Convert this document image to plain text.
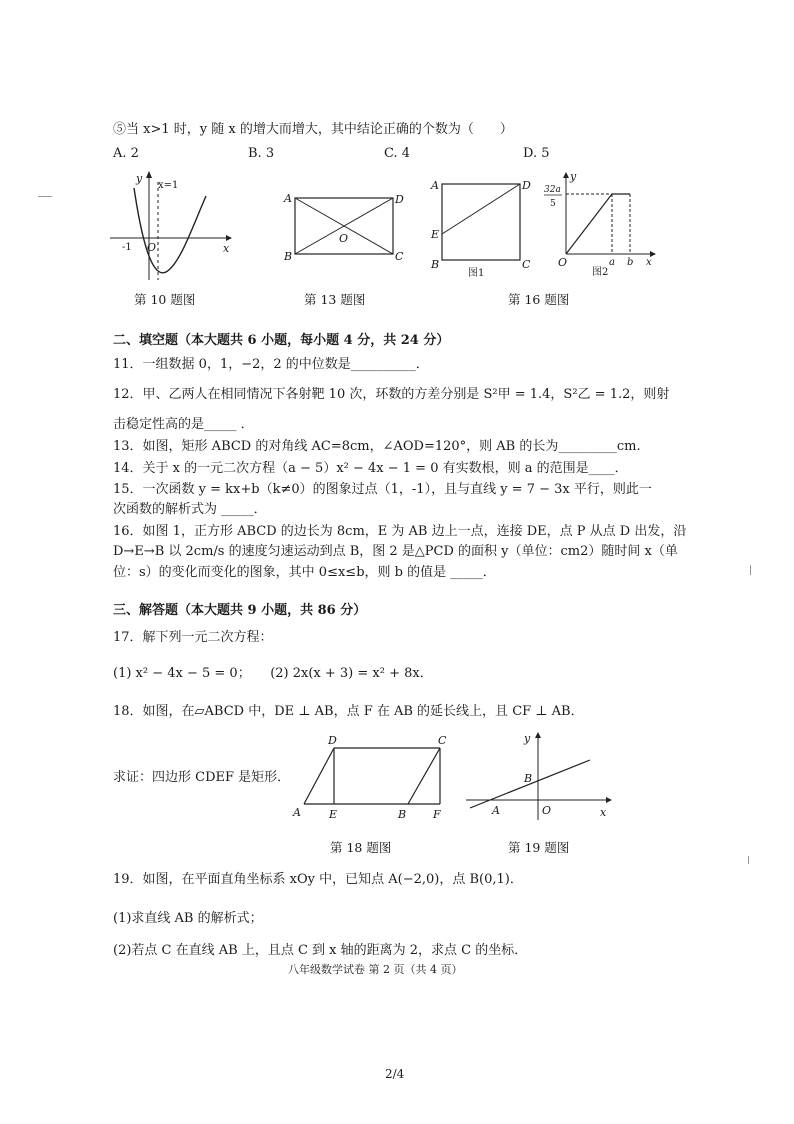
⑤当 x>1 时，y 随 x 的增大而增大，其中结论正确的个数为（　　）
A. 2	B. 3	C. 4	D. 5
y
x
x=1
-1 O
第 10 题图
A	D
B	C
O
第 13 题图
A	D
E
B	C
图1
y
32a
5
O	a b x
图2
第 16 题图
二、填空题（本大题共 6 小题，每小题 4 分，共 24 分）
11．一组数据 0，1，−2，2 的中位数是__________．
12．甲、乙两人在相同情况下各射靶 10 次，环数的方差分别是 S²甲 = 1.4，S²乙 = 1.2，则射
击稳定性高的是_____ ．
13．如图，矩形 ABCD 的对角线 AC=8cm，∠AOD=120°，则 AB 的长为_________cm.
14．关于 x 的一元二次方程（a − 5）x² − 4x − 1 = 0 有实数根，则 a 的范围是____．
15．一次函数 y = kx+b（k≠0）的图象过点（1，-1），且与直线 y = 7 − 3x 平行，则此一
次函数的解析式为 _____．
16．如图 1，正方形 ABCD 的边长为 8cm，E 为 AB 边上一点，连接 DE，点 P 从点 D 出发，沿
D→E→B 以 2cm/s 的速度匀速运动到点 B，图 2 是△PCD 的面积 y（单位：cm2）随时间 x（单
位：s）的变化而变化的图象，其中 0≤x≤b，则 b 的值是 _____．
三、解答题（本大题共 9 小题，共 86 分）
17．解下列一元二次方程：
(1) x² − 4x − 5 = 0；　　(2) 2x(x + 3) = x² + 8x．
18．如图，在▱ABCD 中，DE ⊥ AB，点 F 在 AB 的延长线上，且 CF ⊥ AB．
求证：四边形 CDEF 是矩形．
D	C
A	E	B F
第 18 题图
y
B
A	O	x
第 19 题图
19．如图，在平面直角坐标系 xOy 中，已知点 A(−2,0)，点 B(0,1)．
(1)求直线 AB 的解析式；
(2)若点 C 在直线 AB 上，且点 C 到 x 轴的距离为 2，求点 C 的坐标．
八年级数学试卷 第 2 页（共 4 页）
2/4
